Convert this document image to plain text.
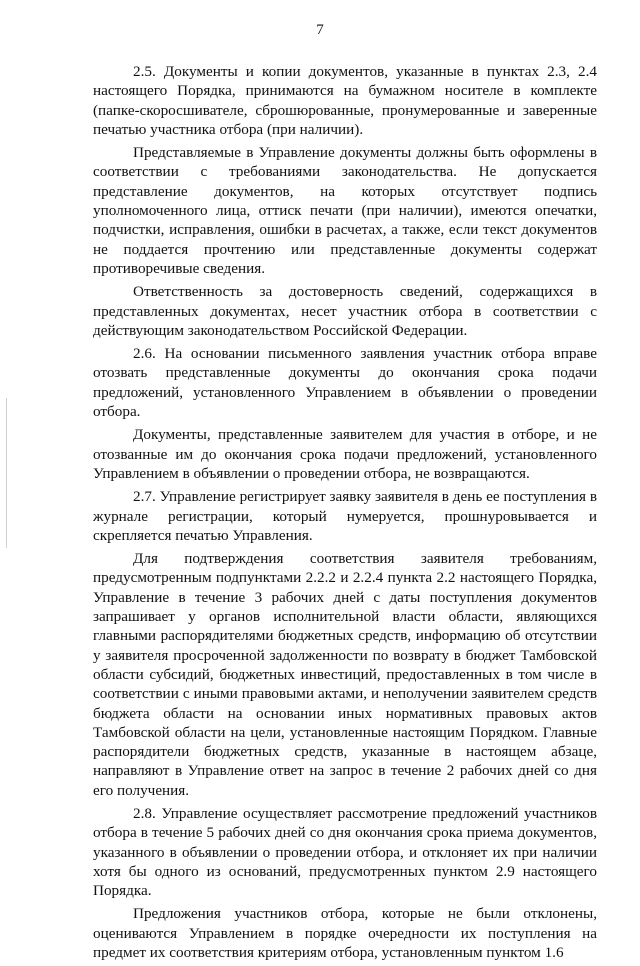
7

2.5. Документы и копии документов, указанные в пунктах 2.3, 2.4 настоящего Порядка, принимаются на бумажном носителе в комплекте (папке-скоросшивателе, сброшюрованные, пронумерованные и заверенные печатью участника отбора (при наличии).

Представляемые в Управление документы должны быть оформлены в соответствии с требованиями законодательства. Не допускается представление документов, на которых отсутствует подпись уполномоченного лица, оттиск печати (при наличии), имеются опечатки, подчистки, исправления, ошибки в расчетах, а также, если текст документов не поддается прочтению или представленные документы содержат противоречивые сведения.

Ответственность за достоверность сведений, содержащихся в представленных документах, несет участник отбора в соответствии с действующим законодательством Российской Федерации.

2.6. На основании письменного заявления участник отбора вправе отозвать представленные документы до окончания срока подачи предложений, установленного Управлением в объявлении о проведении отбора.

Документы, представленные заявителем для участия в отборе, и не отозванные им до окончания срока подачи предложений, установленного Управлением в объявлении о проведении отбора, не возвращаются.

2.7. Управление регистрирует заявку заявителя в день ее поступления в журнале регистрации, который нумеруется, прошнуровывается и скрепляется печатью Управления.

Для подтверждения соответствия заявителя требованиям, предусмотренным подпунктами 2.2.2 и 2.2.4 пункта 2.2 настоящего Порядка, Управление в течение 3 рабочих дней с даты поступления документов запрашивает у органов исполнительной власти области, являющихся главными распорядителями бюджетных средств, информацию об отсутствии у заявителя просроченной задолженности по возврату в бюджет Тамбовской области субсидий, бюджетных инвестиций, предоставленных в том числе в соответствии с иными правовыми актами, и неполучении заявителем средств бюджета области на основании иных нормативных правовых актов Тамбовской области на цели, установленные настоящим Порядком. Главные распорядители бюджетных средств, указанные в настоящем абзаце, направляют в Управление ответ на запрос в течение 2 рабочих дней со дня его получения.

2.8. Управление осуществляет рассмотрение предложений участников отбора в течение 5 рабочих дней со дня окончания срока приема документов, указанного в объявлении о проведении отбора, и отклоняет их при наличии хотя бы одного из оснований, предусмотренных пунктом 2.9 настоящего Порядка.

Предложения участников отбора, которые не были отклонены, оцениваются Управлением в порядке очередности их поступления на предмет их соответствия критериям отбора, установленным пунктом 1.6
